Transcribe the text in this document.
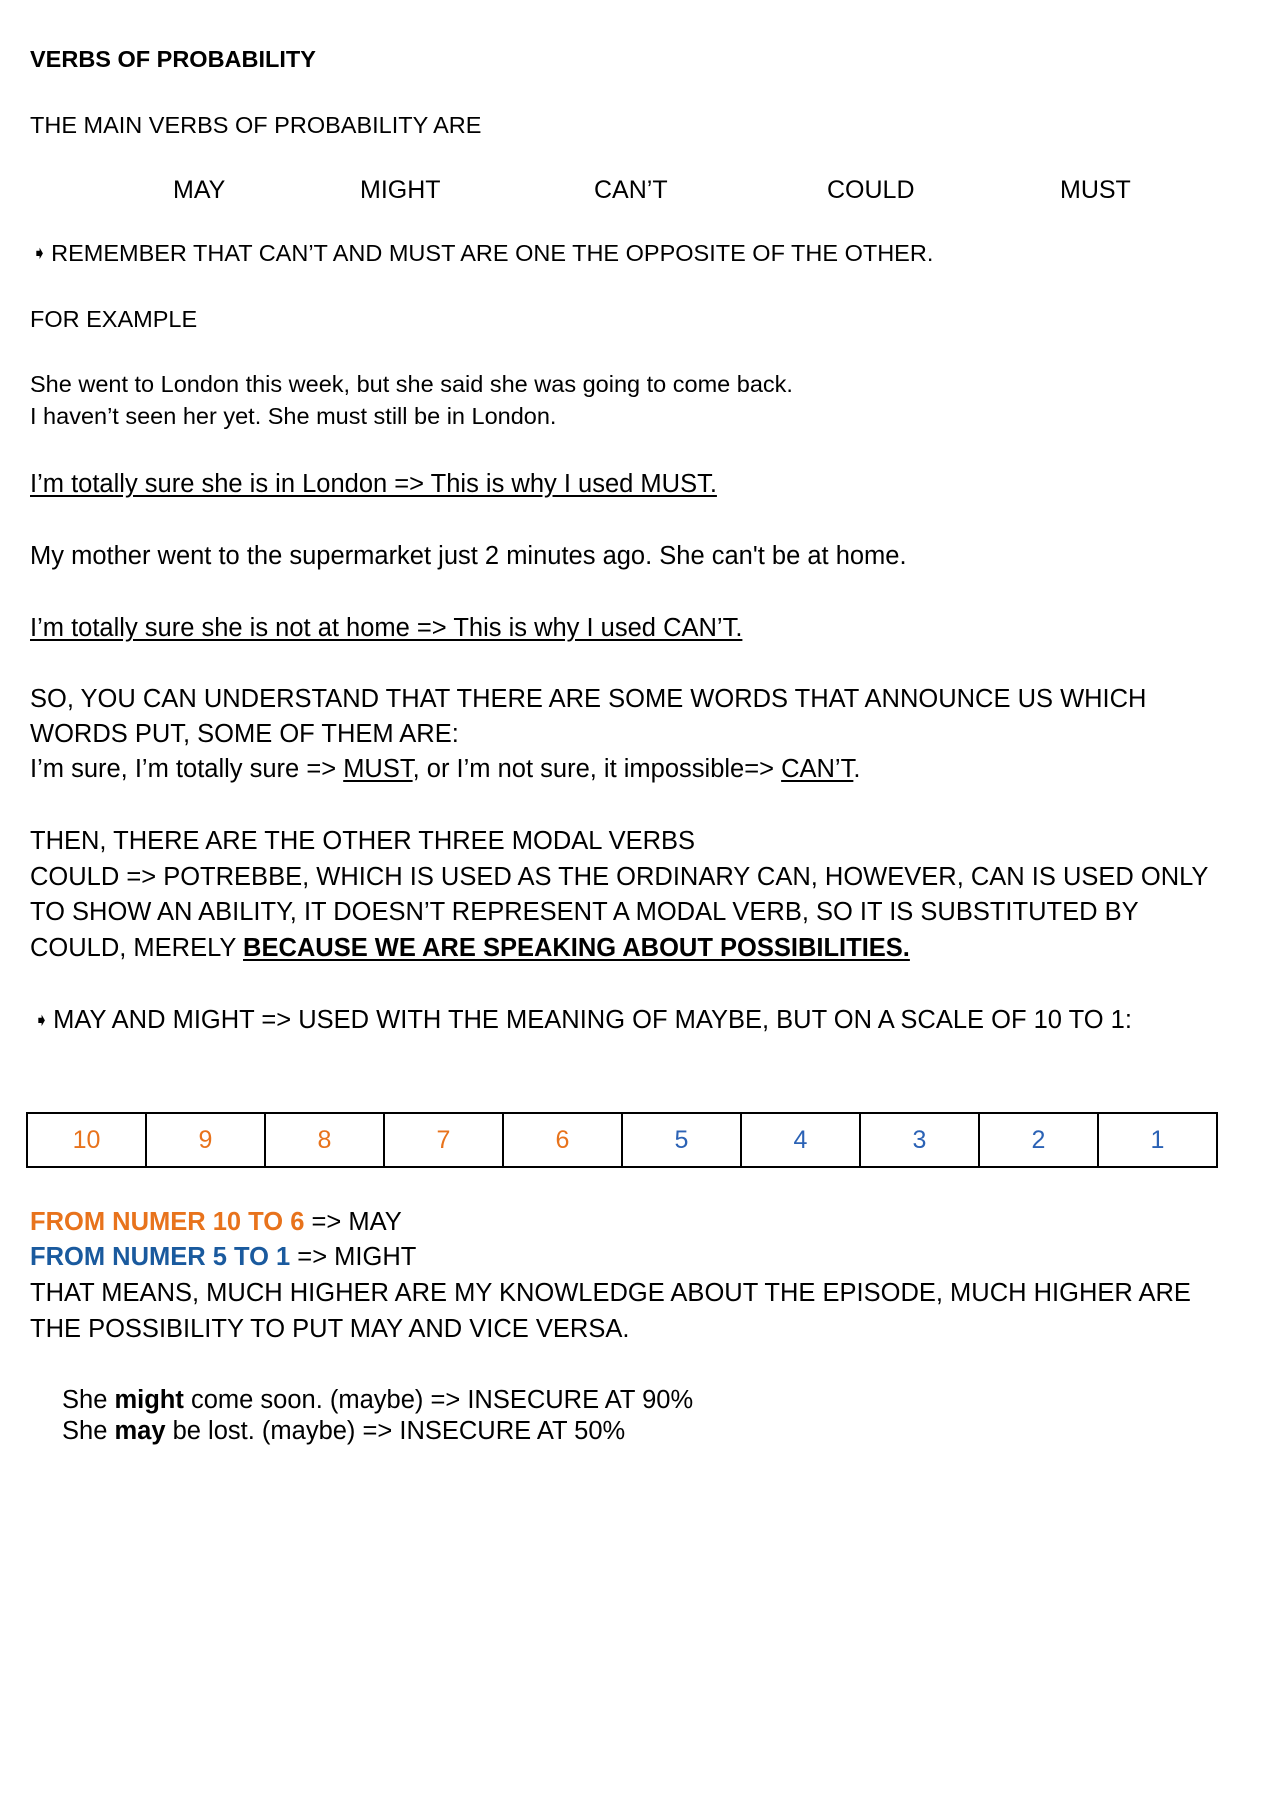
VERBS OF PROBABILITY
THE MAIN VERBS OF PROBABILITY ARE
MAY	MIGHT	CAN’T	COULD	MUST
➧ REMEMBER THAT CAN’T AND MUST ARE ONE THE OPPOSITE OF THE OTHER.
FOR EXAMPLE
She went to London this week, but she said she was going to come back.
I haven’t seen her yet. She must still be in London.
I’m totally sure she is in London => This is why I used MUST.
My mother went to the supermarket just 2 minutes ago. She can't be at home.
I’m totally sure she is not at home => This is why I used CAN’T.
SO, YOU CAN UNDERSTAND THAT THERE ARE SOME WORDS THAT ANNOUNCE US WHICH
WORDS PUT, SOME OF THEM ARE:
I’m sure, I’m totally sure => MUST, or I’m not sure, it impossible=> CAN’T.
THEN, THERE ARE THE OTHER THREE MODAL VERBS
COULD => POTREBBE, WHICH IS USED AS THE ORDINARY CAN, HOWEVER, CAN IS USED ONLY
TO SHOW AN ABILITY, IT DOESN’T REPRESENT A MODAL VERB, SO IT IS SUBSTITUTED BY
COULD, MERELY BECAUSE WE ARE SPEAKING ABOUT POSSIBILITIES.
➧ MAY AND MIGHT => USED WITH THE MEANING OF MAYBE, BUT ON A SCALE OF 10 TO 1:
10	9	8	7	6	5	4	3	2	1
FROM NUMER 10 TO 6 => MAY
FROM NUMER 5 TO 1 => MIGHT
THAT MEANS, MUCH HIGHER ARE MY KNOWLEDGE ABOUT THE EPISODE, MUCH HIGHER ARE
THE POSSIBILITY TO PUT MAY AND VICE VERSA.
She might come soon. (maybe) => INSECURE AT 90%
She may be lost. (maybe) => INSECURE AT 50%
